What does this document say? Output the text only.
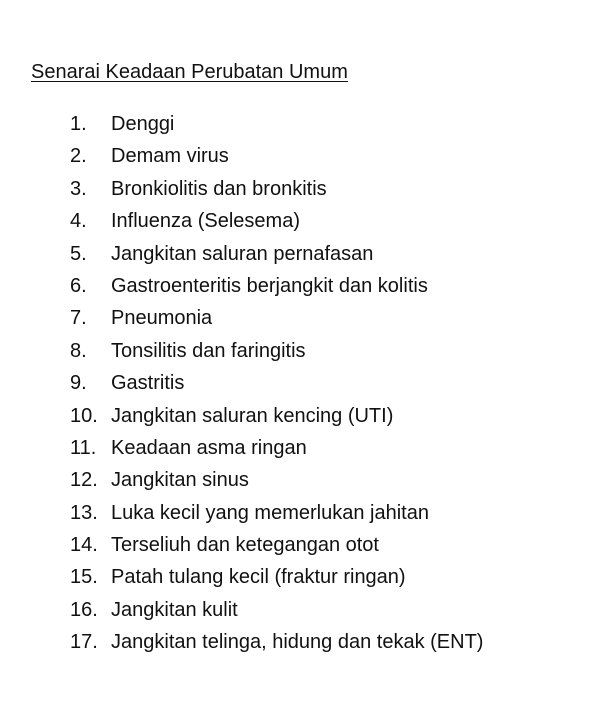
Senarai Keadaan Perubatan Umum
1.	Denggi
2.	Demam virus
3.	Bronkiolitis dan bronkitis
4.	Influenza (Selesema)
5.	Jangkitan saluran pernafasan
6.	Gastroenteritis berjangkit dan kolitis
7.	Pneumonia
8.	Tonsilitis dan faringitis
9.	Gastritis
10. Jangkitan saluran kencing (UTI)
11. Keadaan asma ringan
12. Jangkitan sinus
13. Luka kecil yang memerlukan jahitan
14. Terseliuh dan ketegangan otot
15. Patah tulang kecil (fraktur ringan)
16. Jangkitan kulit
17. Jangkitan telinga, hidung dan tekak (ENT)
